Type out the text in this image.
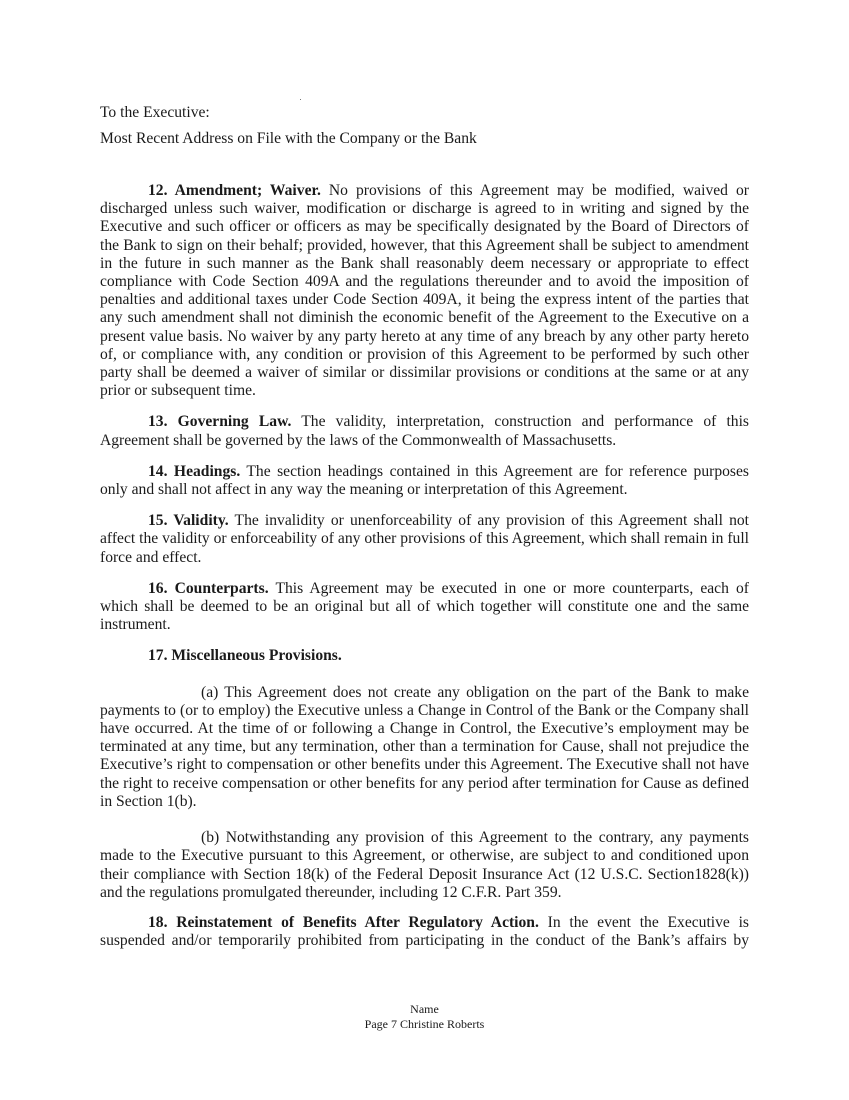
To the Executive:
Most Recent Address on File with the Company or the Bank

12. Amendment; Waiver. No provisions of this Agreement may be modified, waived or discharged unless such waiver, modification or discharge is agreed to in writing and signed by the Executive and such officer or officers as may be specifically designated by the Board of Directors of the Bank to sign on their behalf; provided, however, that this Agreement shall be subject to amendment in the future in such manner as the Bank shall reasonably deem necessary or appropriate to effect compliance with Code Section 409A and the regulations thereunder and to avoid the imposition of penalties and additional taxes under Code Section 409A, it being the express intent of the parties that any such amendment shall not diminish the economic benefit of the Agreement to the Executive on a present value basis. No waiver by any party hereto at any time of any breach by any other party hereto of, or compliance with, any condition or provision of this Agreement to be performed by such other party shall be deemed a waiver of similar or dissimilar provisions or conditions at the same or at any prior or subsequent time.

13. Governing Law. The validity, interpretation, construction and performance of this Agreement shall be governed by the laws of the Commonwealth of Massachusetts.

14. Headings. The section headings contained in this Agreement are for reference purposes only and shall not affect in any way the meaning or interpretation of this Agreement.

15. Validity. The invalidity or unenforceability of any provision of this Agreement shall not affect the validity or enforceability of any other provisions of this Agreement, which shall remain in full force and effect.

16. Counterparts. This Agreement may be executed in one or more counterparts, each of which shall be deemed to be an original but all of which together will constitute one and the same instrument.

17. Miscellaneous Provisions.

(a) This Agreement does not create any obligation on the part of the Bank to make payments to (or to employ) the Executive unless a Change in Control of the Bank or the Company shall have occurred. At the time of or following a Change in Control, the Executive’s employment may be terminated at any time, but any termination, other than a termination for Cause, shall not prejudice the Executive’s right to compensation or other benefits under this Agreement. The Executive shall not have the right to receive compensation or other benefits for any period after termination for Cause as defined in Section 1(b).

(b) Notwithstanding any provision of this Agreement to the contrary, any payments made to the Executive pursuant to this Agreement, or otherwise, are subject to and conditioned upon their compliance with Section 18(k) of the Federal Deposit Insurance Act (12 U.S.C. Section1828(k)) and the regulations promulgated thereunder, including 12 C.F.R. Part 359.

18. Reinstatement of Benefits After Regulatory Action. In the event the Executive is suspended and/or temporarily prohibited from participating in the conduct of the Bank’s affairs by

Name
Page 7 Christine Roberts
